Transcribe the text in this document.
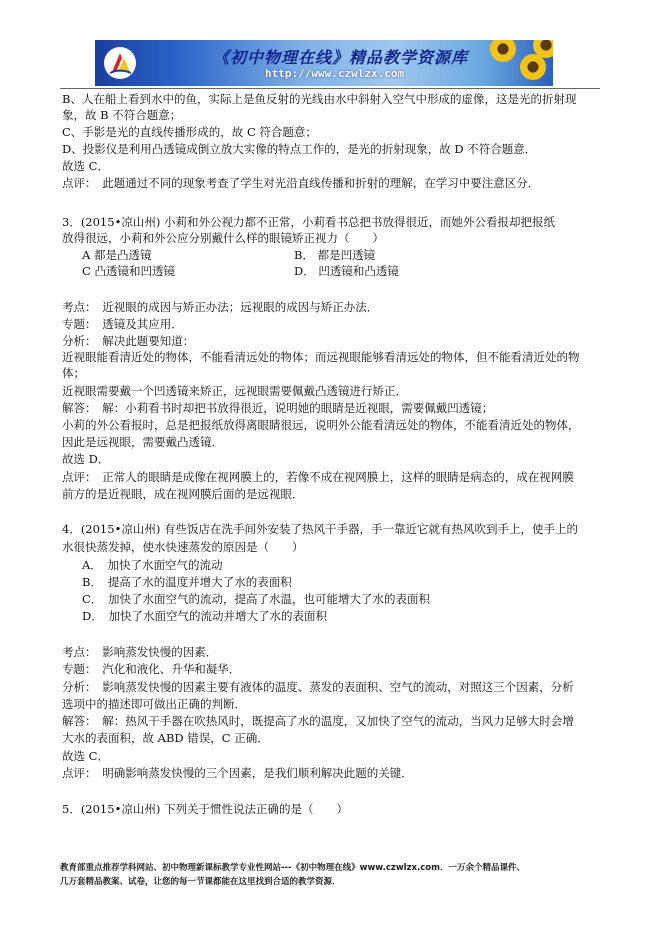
《初中物理在线》精品教学资源库
http://www.czwlzx.com
B、人在船上看到水中的鱼，实际上是鱼反射的光线由水中斜射入空气中形成的虚像，这是光的折射现
象，故 B 不符合题意；
C、手影是光的直线传播形成的，故 C 符合题意；
D、投影仪是利用凸透镜成倒立放大实像的特点工作的，是光的折射现象，故 D 不符合题意．
故选 C．
点评：　此题通过不同的现象考查了学生对光沿直线传播和折射的理解，在学习中要注意区分．
3．(2015•凉山州) 小莉和外公视力都不正常，小莉看书总把书放得很近，而她外公看报却把报纸
放得很远，小莉和外公应分别戴什么样的眼镜矫正视力（　　）
A 都是凸透镜	B． 都是凹透镜
C 凸透镜和凹透镜	D． 凹透镜和凸透镜
考点：　近视眼的成因与矫正办法；远视眼的成因与矫正办法．
专题：　透镜及其应用．
分析：　解决此题要知道：
近视眼能看清近处的物体，不能看清远处的物体；而远视眼能够看清远处的物体，但不能看清近处的物
体；
近视眼需要戴一个凹透镜来矫正，远视眼需要佩戴凸透镜进行矫正．
解答：　解：小莉看书时却把书放得很近，说明她的眼睛是近视眼，需要佩戴凹透镜；
小莉的外公看报时，总是把报纸放得离眼睛很远，说明外公能看清远处的物体，不能看清近处的物体，
因此是远视眼，需要戴凸透镜．
故选 D．
点评：　正常人的眼睛是成像在视网膜上的，若像不成在视网膜上，这样的眼睛是病态的，成在视网膜
前方的是近视眼，成在视网膜后面的是远视眼．
4．(2015•凉山州) 有些饭店在洗手间外安装了热风干手器，手一靠近它就有热风吹到手上，使手上的
水很快蒸发掉，使水快速蒸发的原因是（　　）
A．　加快了水面空气的流动
B．　提高了水的温度并增大了水的表面积
C．　加快了水面空气的流动，提高了水温，也可能增大了水的表面积
D．　加快了水面空气的流动并增大了水的表面积
考点：　影响蒸发快慢的因素．
专题：　汽化和液化、升华和凝华．
分析：　影响蒸发快慢的因素主要有液体的温度、蒸发的表面积、空气的流动，对照这三个因素，分析
选项中的描述即可做出正确的判断．
解答：　解：热风干手器在吹热风时，既提高了水的温度，又加快了空气的流动，当风力足够大时会增
大水的表面积，故 ABD 错误，C 正确．
故选 C．
点评：　明确影响蒸发快慢的三个因素，是我们顺利解决此题的关键．
5．(2015•凉山州) 下列关于惯性说法正确的是（　　）
教育部重点推荐学科网站、初中物理新课标教学专业性网站---《初中物理在线》www.czwlzx.com．一万余个精品课件、
几万套精品教案、试卷，让您的每一节课都能在这里找到合适的教学资源．
